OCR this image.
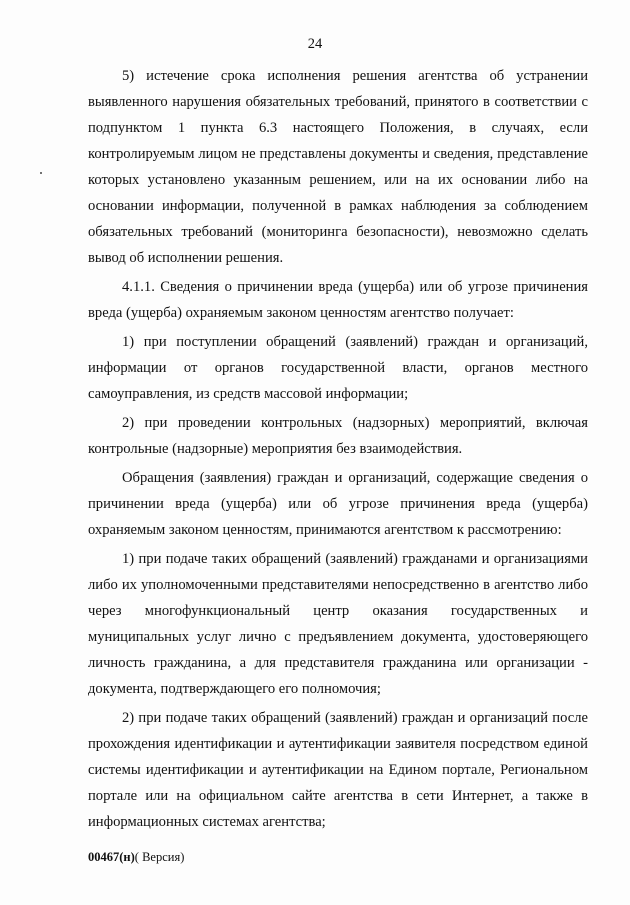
24

5) истечение срока исполнения решения агентства об устранении выявленного нарушения обязательных требований, принятого в соответствии с подпунктом 1 пункта 6.3 настоящего Положения, в случаях, если контролируемым лицом не представлены документы и сведения, представление которых установлено указанным решением, или на их основании либо на основании информации, полученной в рамках наблюдения за соблюдением обязательных требований (мониторинга безопасности), невозможно сделать вывод об исполнении решения.

4.1.1. Сведения о причинении вреда (ущерба) или об угрозе причинения вреда (ущерба) охраняемым законом ценностям агентство получает:

1) при поступлении обращений (заявлений) граждан и организаций, информации от органов государственной власти, органов местного самоуправления, из средств массовой информации;

2) при проведении контрольных (надзорных) мероприятий, включая контрольные (надзорные) мероприятия без взаимодействия.

Обращения (заявления) граждан и организаций, содержащие сведения о причинении вреда (ущерба) или об угрозе причинения вреда (ущерба) охраняемым законом ценностям, принимаются агентством к рассмотрению:

1) при подаче таких обращений (заявлений) гражданами и организациями либо их уполномоченными представителями непосредственно в агентство либо через многофункциональный центр оказания государственных и муниципальных услуг лично с предъявлением документа, удостоверяющего личность гражданина, а для представителя гражданина или организации - документа, подтверждающего его полномочия;

2) при подаче таких обращений (заявлений) граждан и организаций после прохождения идентификации и аутентификации заявителя посредством единой системы идентификации и аутентификации на Едином портале, Региональном портале или на официальном сайте агентства в сети Интернет, а также в информационных системах агентства;

00467(н)( Версия)
